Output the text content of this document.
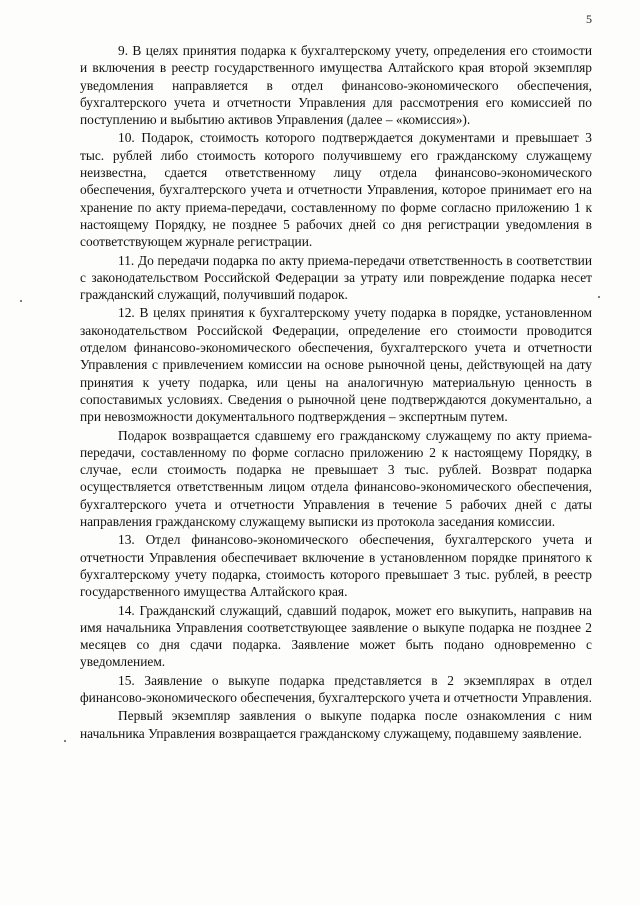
5

9. В целях принятия подарка к бухгалтерскому учету, определения его стоимости и включения в реестр государственного имущества Алтайского края второй экземпляр уведомления направляется в отдел финансово-экономического обеспечения, бухгалтерского учета и отчетности Управления для рассмотрения его комиссией по поступлению и выбытию активов Управления (далее – «комиссия»).

10. Подарок, стоимость которого подтверждается документами и превышает 3 тыс. рублей либо стоимость которого получившему его гражданскому служащему неизвестна, сдается ответственному лицу отдела финансово-экономического обеспечения, бухгалтерского учета и отчетности Управления, которое принимает его на хранение по акту приема-передачи, составленному по форме согласно приложению 1 к настоящему Порядку, не позднее 5 рабочих дней со дня регистрации уведомления в соответствующем журнале регистрации.

11. До передачи подарка по акту приема-передачи ответственность в соответствии с законодательством Российской Федерации за утрату или повреждение подарка несет гражданский служащий, получивший подарок.

12. В целях принятия к бухгалтерскому учету подарка в порядке, установленном законодательством Российской Федерации, определение его стоимости проводится отделом финансово-экономического обеспечения, бухгалтерского учета и отчетности Управления с привлечением комиссии на основе рыночной цены, действующей на дату принятия к учету подарка, или цены на аналогичную материальную ценность в сопоставимых условиях. Сведения о рыночной цене подтверждаются документально, а при невозможности документального подтверждения – экспертным путем.

Подарок возвращается сдавшему его гражданскому служащему по акту приема-передачи, составленному по форме согласно приложению 2 к настоящему Порядку, в случае, если стоимость подарка не превышает 3 тыс. рублей. Возврат подарка осуществляется ответственным лицом отдела финансово-экономического обеспечения, бухгалтерского учета и отчетности Управления в течение 5 рабочих дней с даты направления гражданскому служащему выписки из протокола заседания комиссии.

13. Отдел финансово-экономического обеспечения, бухгалтерского учета и отчетности Управления обеспечивает включение в установленном порядке принятого к бухгалтерскому учету подарка, стоимость которого превышает 3 тыс. рублей, в реестр государственного имущества Алтайского края.

14. Гражданский служащий, сдавший подарок, может его выкупить, направив на имя начальника Управления соответствующее заявление о выкупе подарка не позднее 2 месяцев со дня сдачи подарка. Заявление может быть подано одновременно с уведомлением.

15. Заявление о выкупе подарка представляется в 2 экземплярах в отдел финансово-экономического обеспечения, бухгалтерского учета и отчетности Управления.

Первый экземпляр заявления о выкупе подарка после ознакомления с ним начальника Управления возвращается гражданскому служащему, подавшему заявление.
